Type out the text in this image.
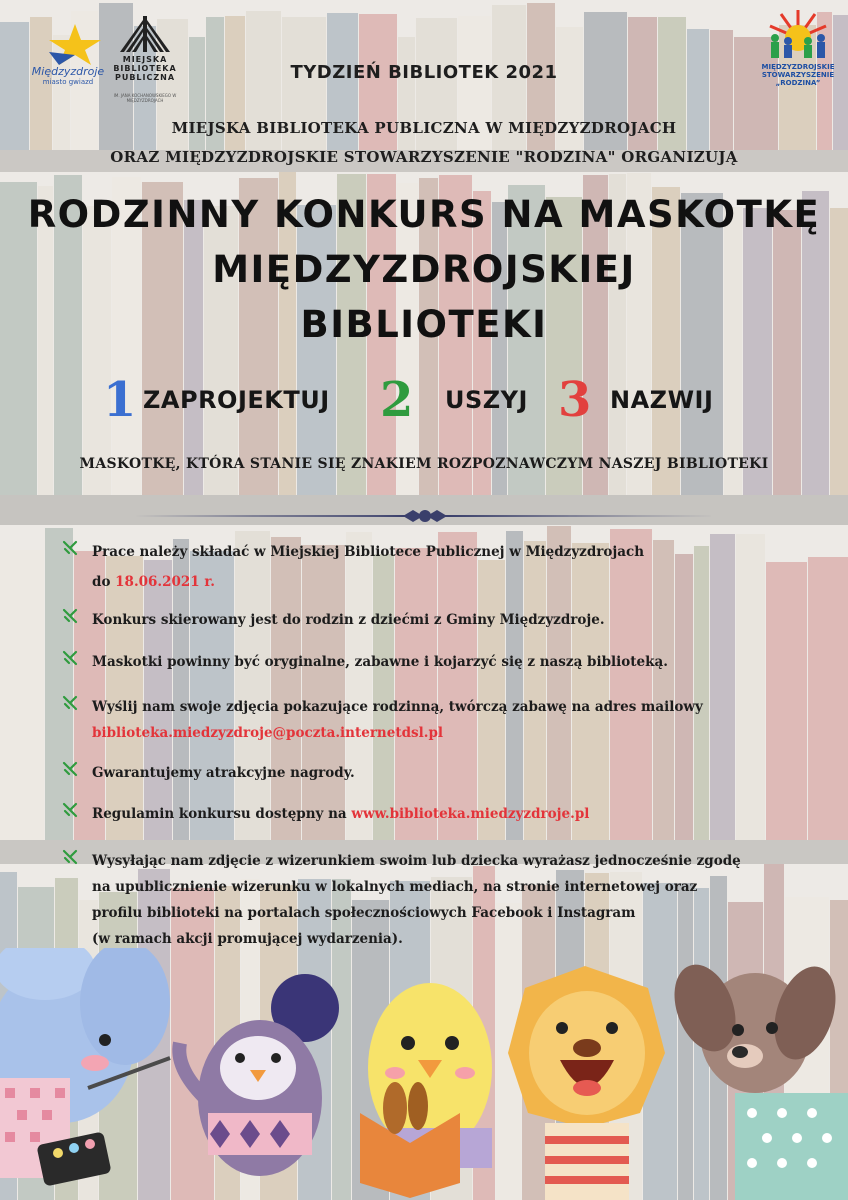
Międzyzdroje
miasto gwiazd
MIEJSKA
BIBLIOTEKA
PUBLICZNA
IM. JANA KOCHANOWSKIEGO W MIĘDZYZDROJACH
MIĘDZYZDROJSKIE
STOWARZYSZENIE
„RODZINA”
TYDZIEŃ BIBLIOTEK 2021
MIEJSKA BIBLIOTEKA PUBLICZNA W MIĘDZYZDROJACH
ORAZ MIĘDZYZDROJSKIE STOWARZYSZENIE "RODZINA" ORGANIZUJĄ
RODZINNY KONKURS NA MASKOTKĘ
MIĘDZYZDROJSKIEJ
BIBLIOTEKI
1 ZAPROJEKTUJ 2 USZYJ 3 NAZWIJ
MASKOTKĘ, KTÓRA STANIE SIĘ ZNAKIEM ROZPOZNAWCZYM NASZEJ BIBLIOTEKI
Prace należy składać w Miejskiej Bibliotece Publicznej w Międzyzdrojach
do 18.06.2021 r.
Konkurs skierowany jest do rodzin z dziećmi z Gminy Międzyzdroje.
Maskotki powinny być oryginalne, zabawne i kojarzyć się z naszą biblioteką.
Wyślij nam swoje zdjęcia pokazujące rodzinną, twórczą zabawę na adres mailowy
biblioteka.miedzyzdroje@poczta.internetdsl.pl
Gwarantujemy atrakcyjne nagrody.
Regulamin konkursu dostępny na www.biblioteka.miedzyzdroje.pl
Wysyłając nam zdjęcie z wizerunkiem swoim lub dziecka wyrażasz jednocześnie zgodę
na upublicznienie wizerunku w lokalnych mediach, na stronie internetowej oraz
profilu biblioteki na portalach społecznościowych Facebook i Instagram
(w ramach akcji promującej wydarzenia).
